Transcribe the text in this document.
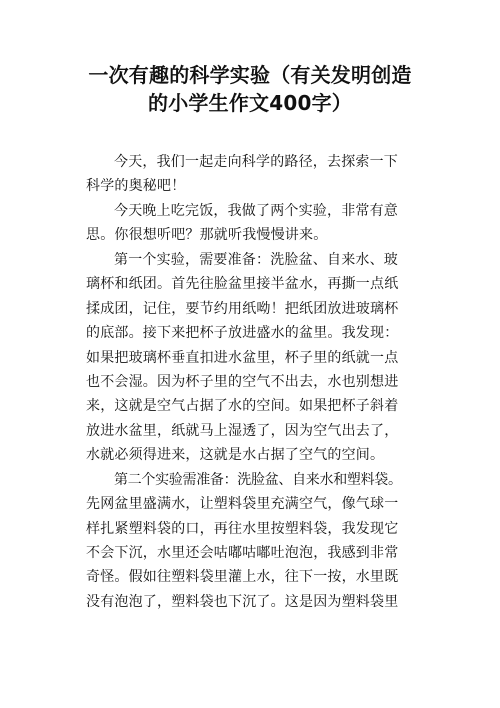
一次有趣的科学实验（有关发明创造
的小学生作文400字）
今天，我们一起走向科学的路径，去探索一下
科学的奥秘吧！
今天晚上吃完饭，我做了两个实验，非常有意
思。你很想听吧？那就听我慢慢讲来。
第一个实验，需要准备：洗脸盆、自来水、玻
璃杯和纸团。首先往脸盆里接半盆水，再撕一点纸
揉成团，记住，要节约用纸呦！把纸团放进玻璃杯
的底部。接下来把杯子放进盛水的盆里。我发现：
如果把玻璃杯垂直扣进水盆里，杯子里的纸就一点
也不会湿。因为杯子里的空气不出去，水也别想进
来，这就是空气占据了水的空间。如果把杯子斜着
放进水盆里，纸就马上湿透了，因为空气出去了，
水就必须得进来，这就是水占据了空气的空间。
第二个实验需准备：洗脸盆、自来水和塑料袋。
先网盆里盛满水，让塑料袋里充满空气，像气球一
样扎紧塑料袋的口，再往水里按塑料袋，我发现它
不会下沉，水里还会咕嘟咕嘟吐泡泡，我感到非常
奇怪。假如往塑料袋里灌上水，往下一按，水里既
没有泡泡了，塑料袋也下沉了。这是因为塑料袋里
